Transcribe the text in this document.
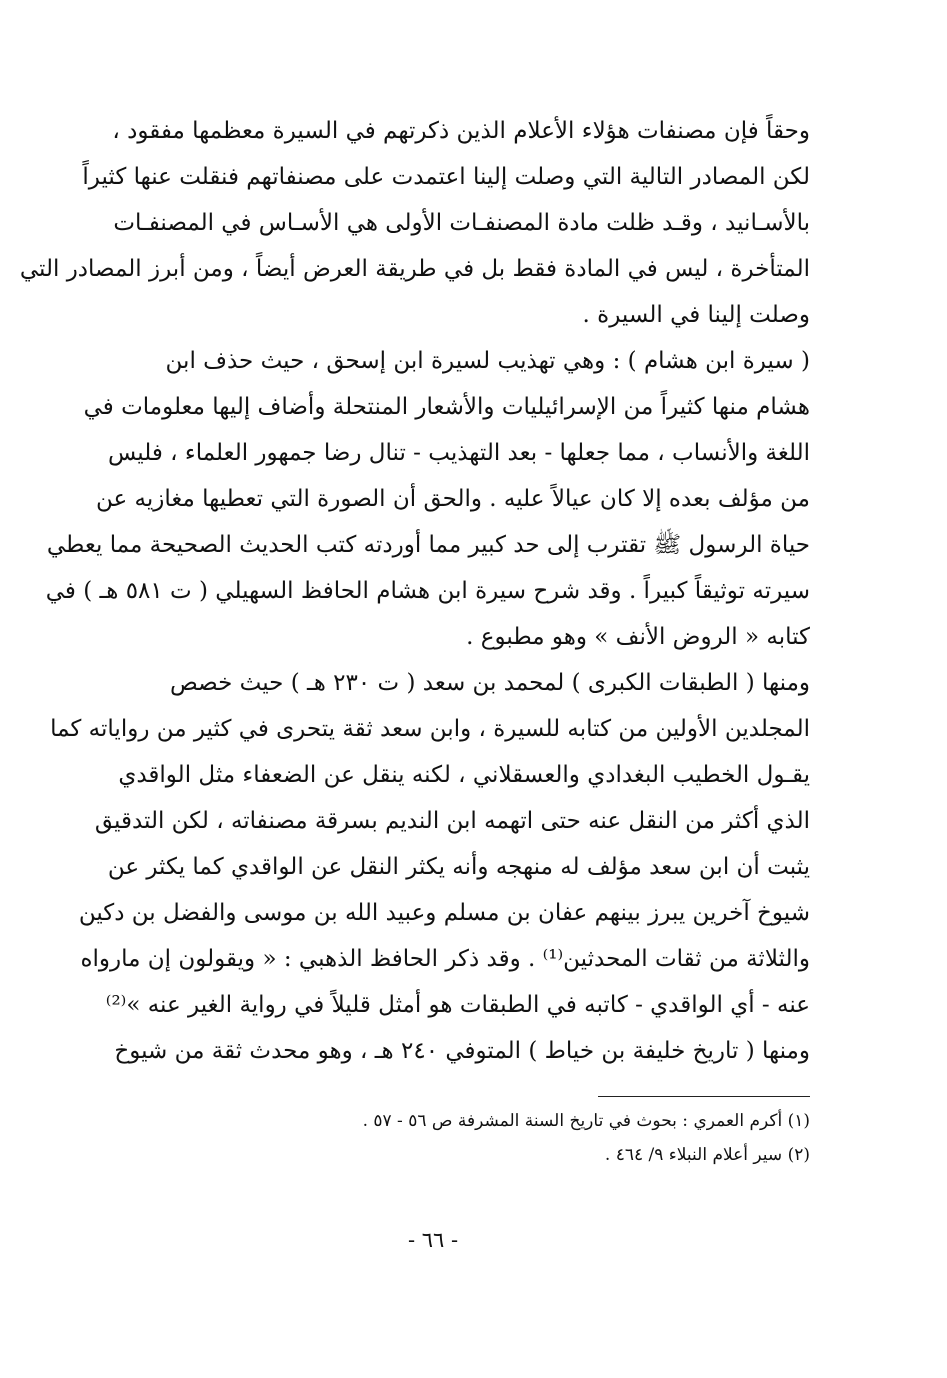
وحقاً فإن مصنفات هؤلاء الأعلام الذين ذكرتهم في السيرة معظمها مفقود ،
لكن المصادر التالية التي وصلت إلينا اعتمدت على مصنفاتهم فنقلت عنها كثيراً
بالأسـانيد ، وقـد ظلت مادة المصنفـات الأولى هي الأسـاس في المصنفـات
المتأخرة ، ليس في المادة فقط بل في طريقة العرض أيضاً ، ومن أبرز المصادر التي
وصلت إلينا في السيرة .
( سيرة ابن هشام ) : وهي تهذيب لسيرة ابن إسحق ، حيث حذف ابن
هشام منها كثيراً من الإسرائيليات والأشعار المنتحلة وأضاف إليها معلومات في
اللغة والأنساب ، مما جعلها - بعد التهذيب - تنال رضا جمهور العلماء ، فليس
من مؤلف بعده إلا كان عيالاً عليه . والحق أن الصورة التي تعطيها مغازيه عن
حياة الرسول ﷺ تقترب إلى حد كبير مما أوردته كتب الحديث الصحيحة مما يعطي
سيرته توثيقاً كبيراً . وقد شرح سيرة ابن هشام الحافظ السهيلي ( ت ٥٨١ هـ ) في
كتابه « الروض الأنف » وهو مطبوع .
ومنها ( الطبقات الكبرى ) لمحمد بن سعد ( ت ٢٣٠ هـ ) حيث خصص
المجلدين الأولين من كتابه للسيرة ، وابن سعد ثقة يتحرى في كثير من رواياته كما
يقـول الخطيب البغدادي والعسقلاني ، لكنه ينقل عن الضعفاء مثل الواقدي
الذي أكثر من النقل عنه حتى اتهمه ابن النديم بسرقة مصنفاته ، لكن التدقيق
يثبت أن ابن سعد مؤلف له منهجه وأنه يكثر النقل عن الواقدي كما يكثر عن
شيوخ آخرين يبرز بينهم عفان بن مسلم وعبيد الله بن موسى والفضل بن دكين
والثلاثة من ثقات المحدثين⁽¹⁾ . وقد ذكر الحافظ الذهبي : « ويقولون إن مارواه
عنه - أي الواقدي - كاتبه في الطبقات هو أمثل قليلاً في رواية الغير عنه »⁽²⁾
ومنها ( تاريخ خليفة بن خياط ) المتوفي ٢٤٠ هـ ، وهو محدث ثقة من شيوخ
(١) أكرم العمري : بحوث في تاريخ السنة المشرفة ص ٥٦ - ٥٧ .
(٢) سير أعلام النبلاء ٩/ ٤٦٤ .
- ٦٦ -
